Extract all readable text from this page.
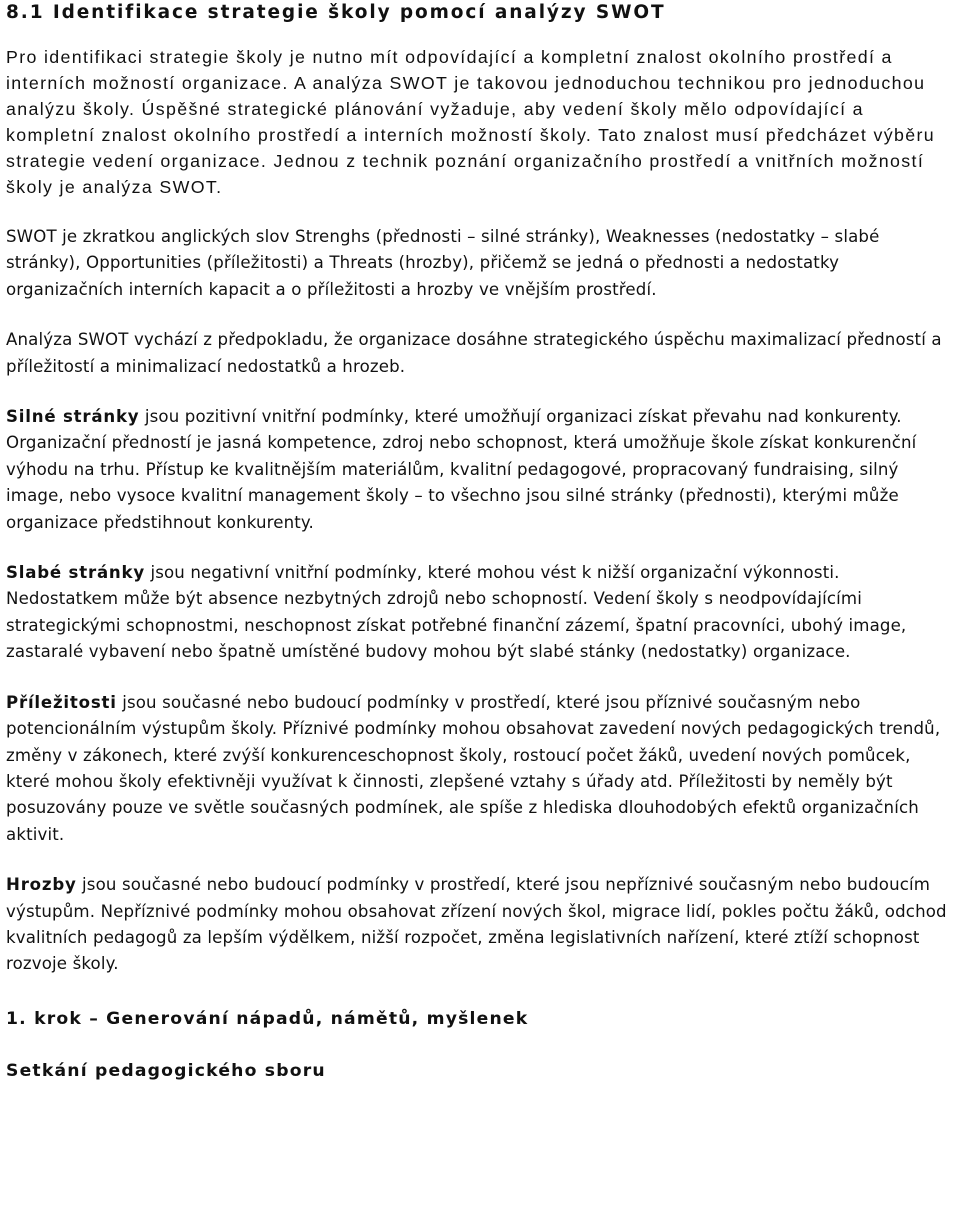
8.1 Identifikace strategie školy pomocí analýzy SWOT

Pro identifikaci strategie školy je nutno mít odpovídající a kompletní znalost okolního prostředí a interních možností organizace. A analýza SWOT je takovou jednoduchou technikou pro jednoduchou analýzu školy. Úspěšné strategické plánování vyžaduje, aby vedení školy mělo odpovídající a kompletní znalost okolního prostředí a interních možností školy. Tato znalost musí předcházet výběru strategie vedení organizace. Jednou z technik poznání organizačního prostředí a vnitřních možností školy je analýza SWOT.

SWOT je zkratkou anglických slov Strenghs (přednosti – silné stránky), Weaknesses (nedostatky – slabé stránky), Opportunities (příležitosti) a Threats (hrozby), přičemž se jedná o přednosti a nedostatky organizačních interních kapacit a o příležitosti a hrozby ve vnějším prostředí.

Analýza SWOT vychází z předpokladu, že organizace dosáhne strategického úspěchu maximalizací předností a příležitostí a minimalizací nedostatků a hrozeb.

Silné stránky jsou pozitivní vnitřní podmínky, které umožňují organizaci získat převahu nad konkurenty. Organizační předností je jasná kompetence, zdroj nebo schopnost, která umožňuje škole získat konkurenční výhodu na trhu. Přístup ke kvalitnějším materiálům, kvalitní pedagogové, propracovaný fundraising, silný image, nebo vysoce kvalitní management školy – to všechno jsou silné stránky (přednosti), kterými může organizace předstihnout konkurenty.

Slabé stránky jsou negativní vnitřní podmínky, které mohou vést k nižší organizační výkonnosti. Nedostatkem může být absence nezbytných zdrojů nebo schopností. Vedení školy s neodpovídajícími strategickými schopnostmi, neschopnost získat potřebné finanční zázemí, špatní pracovníci, ubohý image, zastaralé vybavení nebo špatně umístěné budovy mohou být slabé stánky (nedostatky) organizace.

Příležitosti jsou současné nebo budoucí podmínky v prostředí, které jsou příznivé současným nebo potencionálním výstupům školy. Příznivé podmínky mohou obsahovat zavedení nových pedagogických trendů, změny v zákonech, které zvýší konkurenceschopnost školy, rostoucí počet žáků, uvedení nových pomůcek, které mohou školy efektivněji využívat k činnosti, zlepšené vztahy s úřady atd. Příležitosti by neměly být posuzovány pouze ve světle současných podmínek, ale spíše z hlediska dlouhodobých efektů organizačních aktivit.

Hrozby jsou současné nebo budoucí podmínky v prostředí, které jsou nepříznivé současným nebo budoucím výstupům. Nepříznivé podmínky mohou obsahovat zřízení nových škol, migrace lidí, pokles počtu žáků, odchod kvalitních pedagogů za lepším výdělkem, nižší rozpočet, změna legislativních nařízení, které ztíží schopnost rozvoje školy.

1. krok – Generování nápadů, námětů, myšlenek
Setkání pedagogického sboru
